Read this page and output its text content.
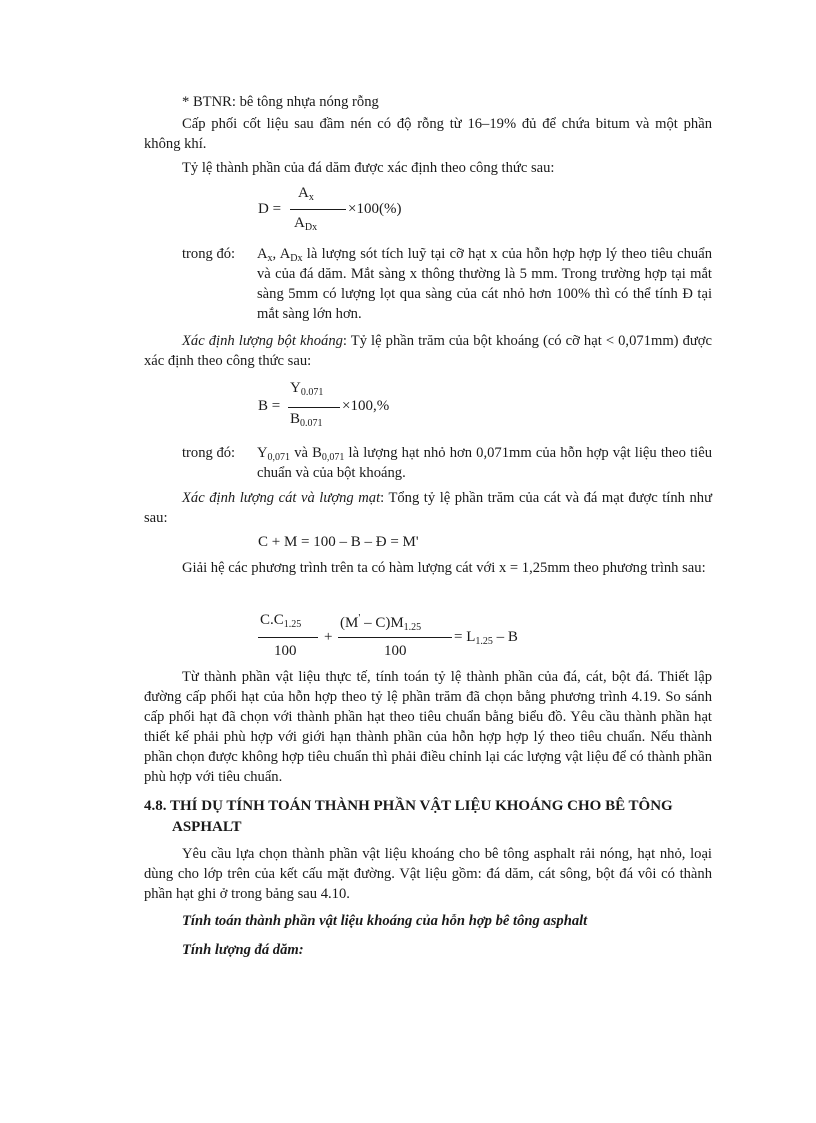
* BTNR: bê tông nhựa nóng rỗng
Cấp phối cốt liệu sau đầm nén có độ rỗng từ 16–19% đủ để chứa bitum và một phần không khí.
Tỷ lệ thành phần của đá dăm được xác định theo công thức sau:
D =
$A_x$
$A_{Dx}$
×100(%)
trong đó: $A_x$, $A_{Dx}$ là lượng sót tích luỹ tại cỡ hạt x của hỗn hợp hợp lý theo tiêu chuẩn và của đá dăm. Mắt sàng x thông thường là 5 mm. Trong trường hợp tại mắt sàng 5mm có lượng lọt qua sàng của cát nhỏ hơn 100% thì có thể tính Đ tại mắt sàng lớn hơn.
Xác định lượng bột khoáng: Tỷ lệ phần trăm của bột khoáng (có cỡ hạt < 0,071mm) được xác định theo công thức sau:
B =
$Y_{0.071}$
$B_{0.071}$
×100,%
trong đó: $Y_{0,071}$ và $B_{0,071}$ là lượng hạt nhỏ hơn 0,071mm của hỗn hợp vật liệu theo tiêu chuẩn và của bột khoáng.
Xác định lượng cát và lượng mạt: Tổng tỷ lệ phần trăm của cát và đá mạt được tính như sau:
C + M = 100 – B – Đ = M'
Giải hệ các phương trình trên ta có hàm lượng cát với x = 1,25mm theo phương trình sau:
$C.C_{1.25}$
100
+
$(M' - C)M_{1.25}$
100
= $L_{1.25}$ – B
Từ thành phần vật liệu thực tế, tính toán tỷ lệ thành phần của đá, cát, bột đá. Thiết lập đường cấp phối hạt của hỗn hợp theo tỷ lệ phần trăm đã chọn bằng phương trình 4.19. So sánh cấp phối hạt đã chọn với thành phần hạt theo tiêu chuẩn bằng biểu đồ. Yêu cầu thành phần hạt thiết kế phải phù hợp với giới hạn thành phần của hỗn hợp hợp lý theo tiêu chuẩn. Nếu thành phần chọn được không hợp tiêu chuẩn thì phải điều chỉnh lại các lượng vật liệu để có thành phần phù hợp với tiêu chuẩn.
4.8. THÍ DỤ TÍNH TOÁN THÀNH PHẦN VẬT LIỆU KHOÁNG CHO BÊ TÔNG
ASPHALT
Yêu cầu lựa chọn thành phần vật liệu khoáng cho bê tông asphalt rải nóng, hạt nhỏ, loại dùng cho lớp trên của kết cấu mặt đường. Vật liệu gồm: đá dăm, cát sông, bột đá vôi có thành phần hạt ghi ở trong bảng sau 4.10.
Tính toán thành phần vật liệu khoáng của hỗn hợp bê tông asphalt
Tính lượng đá dăm:
